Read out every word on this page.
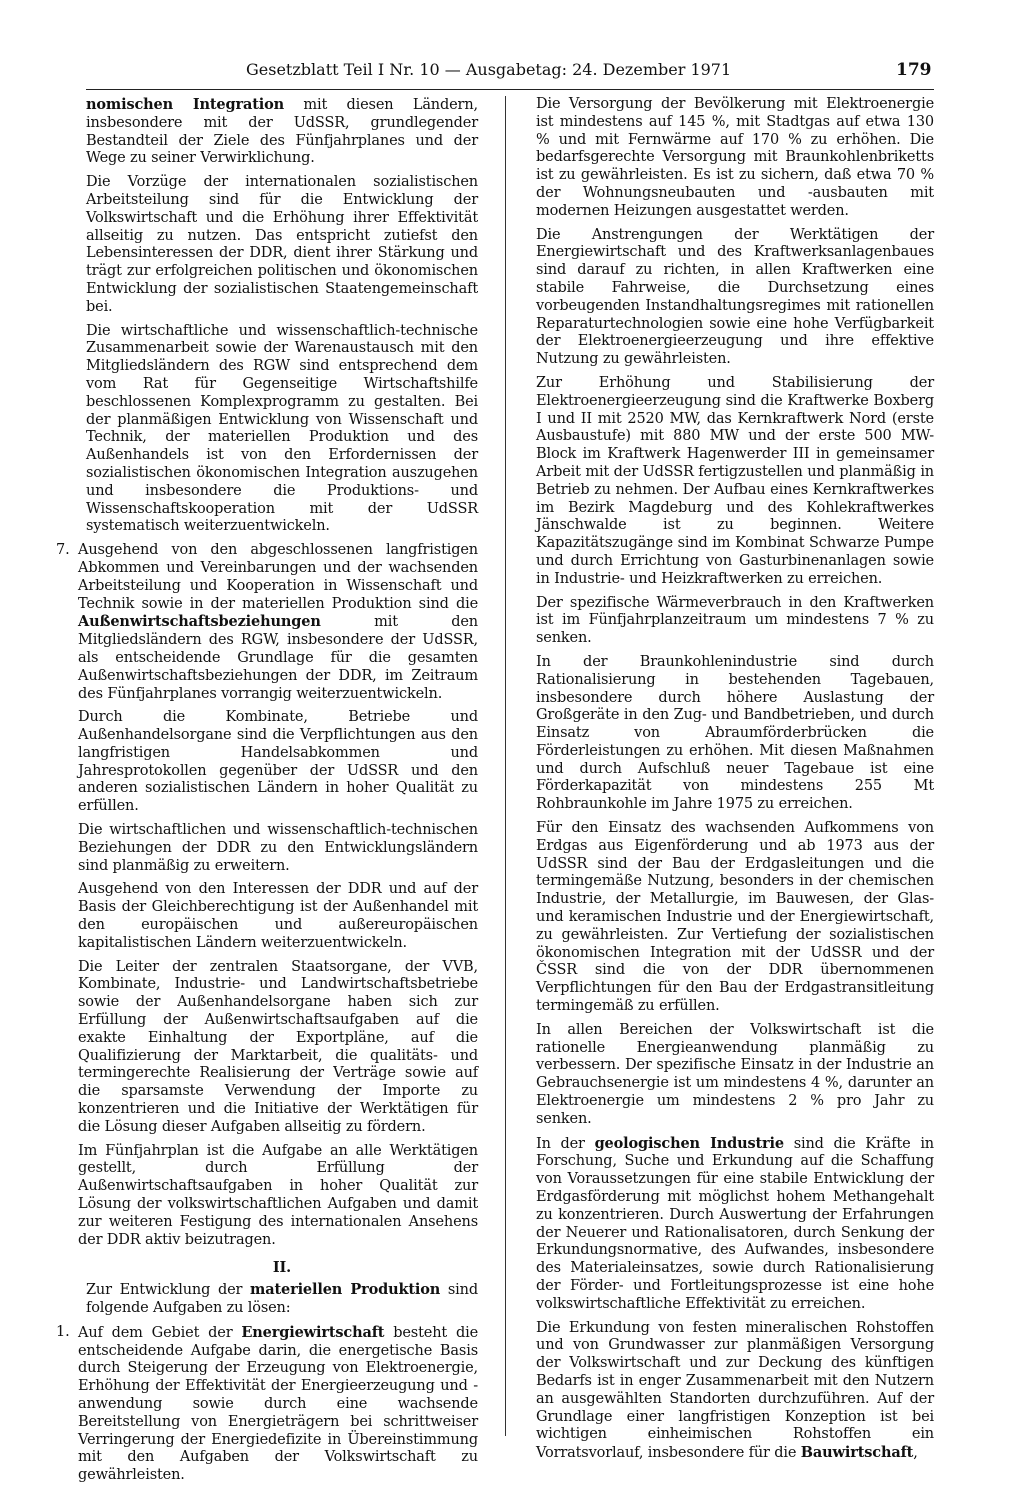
Gesetzblatt Teil I Nr. 10 — Ausgabetag: 24. Dezember 1971	179

nomischen Integration mit diesen Ländern, insbesondere mit der UdSSR, grundlegender Bestandteil der Ziele des Fünfjahrplanes und der Wege zu seiner Verwirklichung.

Die Vorzüge der internationalen sozialistischen Arbeitsteilung sind für die Entwicklung der Volkswirtschaft und die Erhöhung ihrer Effektivität allseitig zu nutzen. Das entspricht zutiefst den Lebensinteressen der DDR, dient ihrer Stärkung und trägt zur erfolgreichen politischen und ökonomischen Entwicklung der sozialistischen Staatengemeinschaft bei.

Die wirtschaftliche und wissenschaftlich-technische Zusammenarbeit sowie der Warenaustausch mit den Mitgliedsländern des RGW sind entsprechend dem vom Rat für Gegenseitige Wirtschaftshilfe beschlossenen Komplexprogramm zu gestalten. Bei der planmäßigen Entwicklung von Wissenschaft und Technik, der materiellen Produktion und des Außenhandels ist von den Erfordernissen der sozialistischen ökonomischen Integration auszugehen und insbesondere die Produktions- und Wissenschaftskooperation mit der UdSSR systematisch weiterzuentwickeln.

7. Ausgehend von den abgeschlossenen langfristigen Abkommen und Vereinbarungen und der wachsenden Arbeitsteilung und Kooperation in Wissenschaft und Technik sowie in der materiellen Produktion sind die Außenwirtschaftsbeziehungen mit den Mitgliedsländern des RGW, insbesondere der UdSSR, als entscheidende Grundlage für die gesamten Außenwirtschaftsbeziehungen der DDR, im Zeitraum des Fünfjahrplanes vorrangig weiterzuentwickeln.

Durch die Kombinate, Betriebe und Außenhandelsorgane sind die Verpflichtungen aus den langfristigen Handelsabkommen und Jahresprotokollen gegenüber der UdSSR und den anderen sozialistischen Ländern in hoher Qualität zu erfüllen.

Die wirtschaftlichen und wissenschaftlich-technischen Beziehungen der DDR zu den Entwicklungsländern sind planmäßig zu erweitern.

Ausgehend von den Interessen der DDR und auf der Basis der Gleichberechtigung ist der Außenhandel mit den europäischen und außereuropäischen kapitalistischen Ländern weiterzuentwickeln.

Die Leiter der zentralen Staatsorgane, der VVB, Kombinate, Industrie- und Landwirtschaftsbetriebe sowie der Außenhandelsorgane haben sich zur Erfüllung der Außenwirtschaftsaufgaben auf die exakte Einhaltung der Exportpläne, auf die Qualifizierung der Marktarbeit, die qualitäts- und termingerechte Realisierung der Verträge sowie auf die sparsamste Verwendung der Importe zu konzentrieren und die Initiative der Werktätigen für die Lösung dieser Aufgaben allseitig zu fördern.

Im Fünfjahrplan ist die Aufgabe an alle Werktätigen gestellt, durch Erfüllung der Außenwirtschaftsaufgaben in hoher Qualität zur Lösung der volkswirtschaftlichen Aufgaben und damit zur weiteren Festigung des internationalen Ansehens der DDR aktiv beizutragen.

II.

Zur Entwicklung der materiellen Produktion sind folgende Aufgaben zu lösen:

1. Auf dem Gebiet der Energiewirtschaft besteht die entscheidende Aufgabe darin, die energetische Basis durch Steigerung der Erzeugung von Elektroenergie, Erhöhung der Effektivität der Energieerzeugung und -anwendung sowie durch eine wachsende Bereitstellung von Energieträgern bei schrittweiser Verringerung der Energiedefizite in Übereinstimmung mit den Aufgaben der Volkswirtschaft zu gewährleisten.

Die Versorgung der Bevölkerung mit Elektroenergie ist mindestens auf 145 %, mit Stadtgas auf etwa 130 % und mit Fernwärme auf 170 % zu erhöhen. Die bedarfsgerechte Versorgung mit Braunkohlenbriketts ist zu gewährleisten. Es ist zu sichern, daß etwa 70 % der Wohnungsneubauten und -ausbauten mit modernen Heizungen ausgestattet werden.

Die Anstrengungen der Werktätigen der Energiewirtschaft und des Kraftwerksanlagenbaues sind darauf zu richten, in allen Kraftwerken eine stabile Fahrweise, die Durchsetzung eines vorbeugenden Instandhaltungsregimes mit rationellen Reparaturtechnologien sowie eine hohe Verfügbarkeit der Elektroenergieerzeugung und ihre effektive Nutzung zu gewährleisten.

Zur Erhöhung und Stabilisierung der Elektroenergieerzeugung sind die Kraftwerke Boxberg I und II mit 2520 MW, das Kernkraftwerk Nord (erste Ausbaustufe) mit 880 MW und der erste 500 MW-Block im Kraftwerk Hagenwerder III in gemeinsamer Arbeit mit der UdSSR fertigzustellen und planmäßig in Betrieb zu nehmen. Der Aufbau eines Kernkraftwerkes im Bezirk Magdeburg und des Kohlekraftwerkes Jänschwalde ist zu beginnen. Weitere Kapazitätszugänge sind im Kombinat Schwarze Pumpe und durch Errichtung von Gasturbinenanlagen sowie in Industrie- und Heizkraftwerken zu erreichen.

Der spezifische Wärmeverbrauch in den Kraftwerken ist im Fünfjahrplanzeitraum um mindestens 7 % zu senken.

In der Braunkohlenindustrie sind durch Rationalisierung in bestehenden Tagebauen, insbesondere durch höhere Auslastung der Großgeräte in den Zug- und Bandbetrieben, und durch Einsatz von Abraumförderbrücken die Förderleistungen zu erhöhen. Mit diesen Maßnahmen und durch Aufschluß neuer Tagebaue ist eine Förderkapazität von mindestens 255 Mt Rohbraunkohle im Jahre 1975 zu erreichen.

Für den Einsatz des wachsenden Aufkommens von Erdgas aus Eigenförderung und ab 1973 aus der UdSSR sind der Bau der Erdgasleitungen und die termingemäße Nutzung, besonders in der chemischen Industrie, der Metallurgie, im Bauwesen, der Glas- und keramischen Industrie und der Energiewirtschaft, zu gewährleisten. Zur Vertiefung der sozialistischen ökonomischen Integration mit der UdSSR und der ČSSR sind die von der DDR übernommenen Verpflichtungen für den Bau der Erdgastransitleitung termingemäß zu erfüllen.

In allen Bereichen der Volkswirtschaft ist die rationelle Energieanwendung planmäßig zu verbessern. Der spezifische Einsatz in der Industrie an Gebrauchsenergie ist um mindestens 4 %, darunter an Elektroenergie um mindestens 2 % pro Jahr zu senken.

In der geologischen Industrie sind die Kräfte in Forschung, Suche und Erkundung auf die Schaffung von Voraussetzungen für eine stabile Entwicklung der Erdgasförderung mit möglichst hohem Methangehalt zu konzentrieren. Durch Auswertung der Erfahrungen der Neuerer und Rationalisatoren, durch Senkung der Erkundungsnormative, des Aufwandes, insbesondere des Materialeinsatzes, sowie durch Rationalisierung der Förder- und Fortleitungsprozesse ist eine hohe volkswirtschaftliche Effektivität zu erreichen.

Die Erkundung von festen mineralischen Rohstoffen und von Grundwasser zur planmäßigen Versorgung der Volkswirtschaft und zur Deckung des künftigen Bedarfs ist in enger Zusammenarbeit mit den Nutzern an ausgewählten Standorten durchzuführen. Auf der Grundlage einer langfristigen Konzeption ist bei wichtigen einheimischen Rohstoffen ein Vorratsvorlauf, insbesondere für die Bauwirtschaft,
